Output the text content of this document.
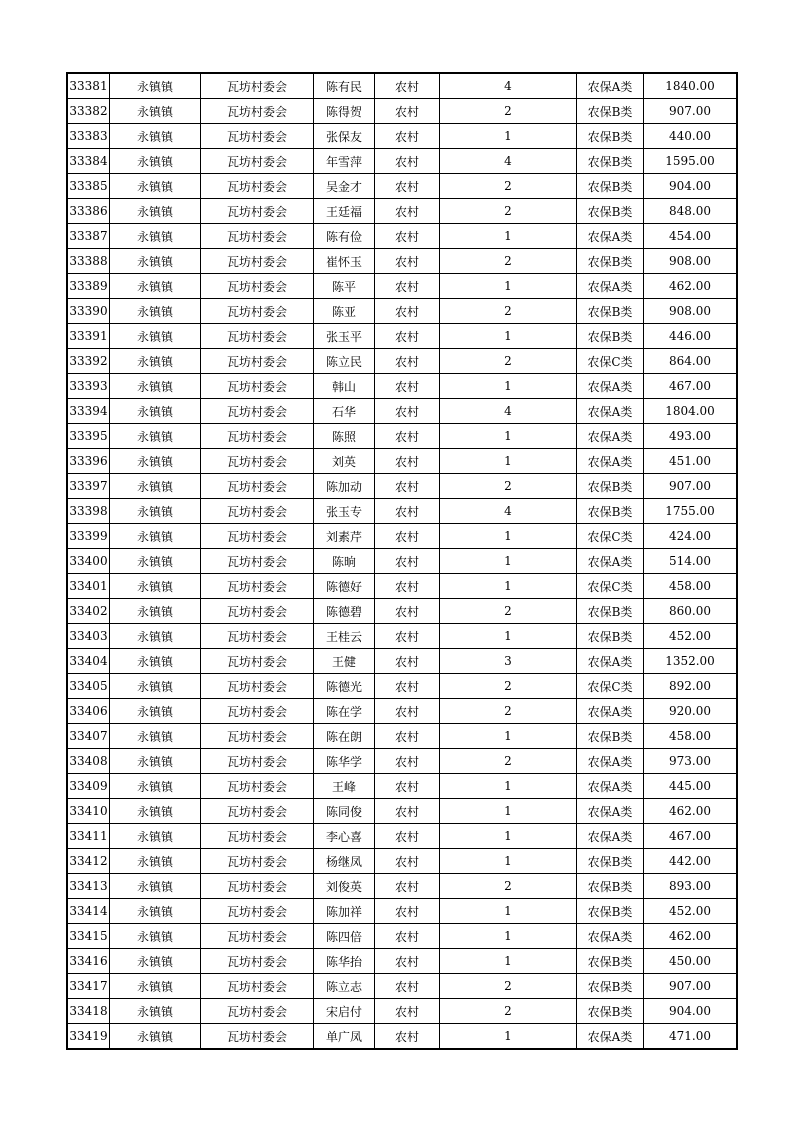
33381	永镇镇	瓦坊村委会	陈有民	农村	4	农保A类	1840.00
33382	永镇镇	瓦坊村委会	陈得贺	农村	2	农保B类	907.00
33383	永镇镇	瓦坊村委会	张保友	农村	1	农保B类	440.00
33384	永镇镇	瓦坊村委会	年雪萍	农村	4	农保B类	1595.00
33385	永镇镇	瓦坊村委会	吴金才	农村	2	农保B类	904.00
33386	永镇镇	瓦坊村委会	王廷福	农村	2	农保B类	848.00
33387	永镇镇	瓦坊村委会	陈有俭	农村	1	农保A类	454.00
33388	永镇镇	瓦坊村委会	崔怀玉	农村	2	农保B类	908.00
33389	永镇镇	瓦坊村委会	陈平	农村	1	农保A类	462.00
33390	永镇镇	瓦坊村委会	陈亚	农村	2	农保B类	908.00
33391	永镇镇	瓦坊村委会	张玉平	农村	1	农保B类	446.00
33392	永镇镇	瓦坊村委会	陈立民	农村	2	农保C类	864.00
33393	永镇镇	瓦坊村委会	韩山	农村	1	农保A类	467.00
33394	永镇镇	瓦坊村委会	石华	农村	4	农保A类	1804.00
33395	永镇镇	瓦坊村委会	陈照	农村	1	农保A类	493.00
33396	永镇镇	瓦坊村委会	刘英	农村	1	农保A类	451.00
33397	永镇镇	瓦坊村委会	陈加动	农村	2	农保B类	907.00
33398	永镇镇	瓦坊村委会	张玉专	农村	4	农保B类	1755.00
33399	永镇镇	瓦坊村委会	刘素芹	农村	1	农保C类	424.00
33400	永镇镇	瓦坊村委会	陈晌	农村	1	农保A类	514.00
33401	永镇镇	瓦坊村委会	陈德好	农村	1	农保C类	458.00
33402	永镇镇	瓦坊村委会	陈德碧	农村	2	农保B类	860.00
33403	永镇镇	瓦坊村委会	王桂云	农村	1	农保B类	452.00
33404	永镇镇	瓦坊村委会	王健	农村	3	农保A类	1352.00
33405	永镇镇	瓦坊村委会	陈德光	农村	2	农保C类	892.00
33406	永镇镇	瓦坊村委会	陈在学	农村	2	农保A类	920.00
33407	永镇镇	瓦坊村委会	陈在朗	农村	1	农保B类	458.00
33408	永镇镇	瓦坊村委会	陈华学	农村	2	农保A类	973.00
33409	永镇镇	瓦坊村委会	王峰	农村	1	农保A类	445.00
33410	永镇镇	瓦坊村委会	陈同俊	农村	1	农保A类	462.00
33411	永镇镇	瓦坊村委会	李心喜	农村	1	农保A类	467.00
33412	永镇镇	瓦坊村委会	杨继凤	农村	1	农保B类	442.00
33413	永镇镇	瓦坊村委会	刘俊英	农村	2	农保B类	893.00
33414	永镇镇	瓦坊村委会	陈加祥	农村	1	农保B类	452.00
33415	永镇镇	瓦坊村委会	陈四倍	农村	1	农保A类	462.00
33416	永镇镇	瓦坊村委会	陈华抬	农村	1	农保B类	450.00
33417	永镇镇	瓦坊村委会	陈立志	农村	2	农保B类	907.00
33418	永镇镇	瓦坊村委会	宋启付	农村	2	农保B类	904.00
33419	永镇镇	瓦坊村委会	单广凤	农村	1	农保A类	471.00
